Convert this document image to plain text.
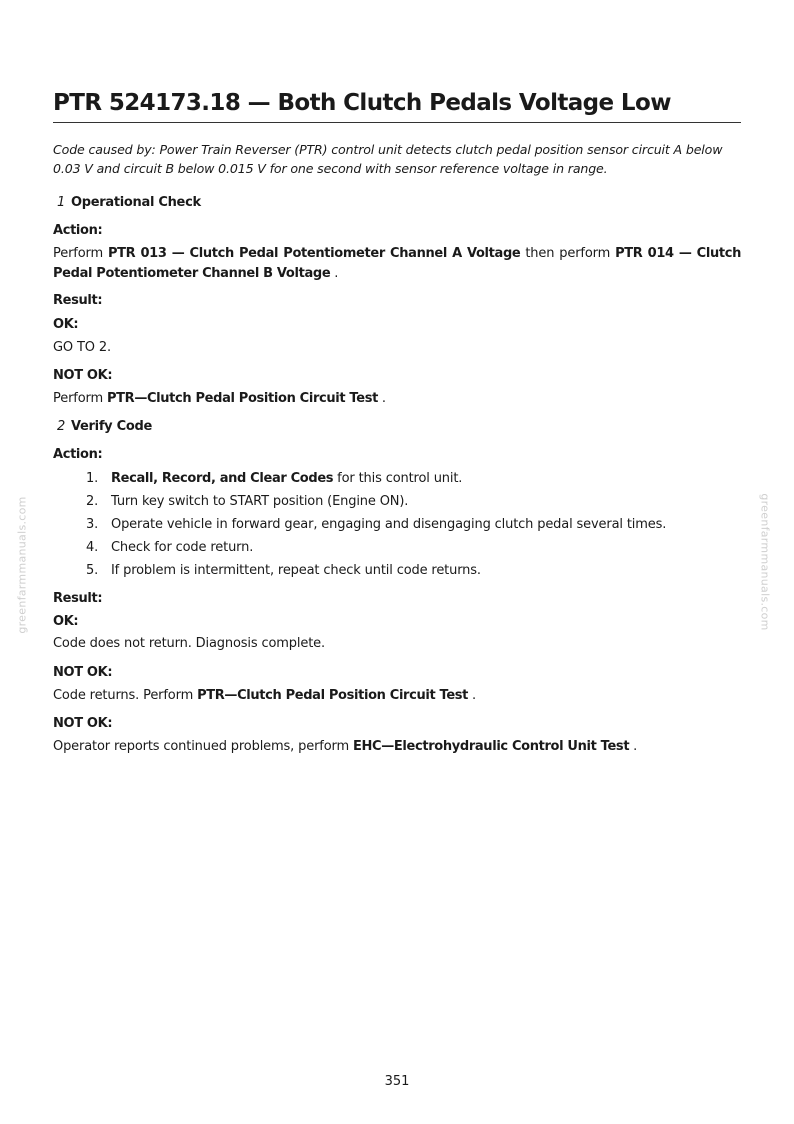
greenfarmmanuals.com	greenfarmmanuals.com
PTR 524173.18 — Both Clutch Pedals Voltage Low

Code caused by: Power Train Reverser (PTR) control unit detects clutch pedal position sensor circuit A below 0.03 V and circuit B below 0.015 V for one second with sensor reference voltage in range.

1 Operational Check
Action:
Perform PTR 013 — Clutch Pedal Potentiometer Channel A Voltage then perform PTR 014 — Clutch Pedal Potentiometer Channel B Voltage .
Result:
OK:
GO TO 2.
NOT OK:
Perform PTR—Clutch Pedal Position Circuit Test .
2 Verify Code
Action:
1. Recall, Record, and Clear Codes for this control unit.
2. Turn key switch to START position (Engine ON).
3. Operate vehicle in forward gear, engaging and disengaging clutch pedal several times.
4. Check for code return.
5. If problem is intermittent, repeat check until code returns.
Result:
OK:
Code does not return. Diagnosis complete.
NOT OK:
Code returns. Perform PTR—Clutch Pedal Position Circuit Test .
NOT OK:
Operator reports continued problems, perform EHC—Electrohydraulic Control Unit Test .
351
